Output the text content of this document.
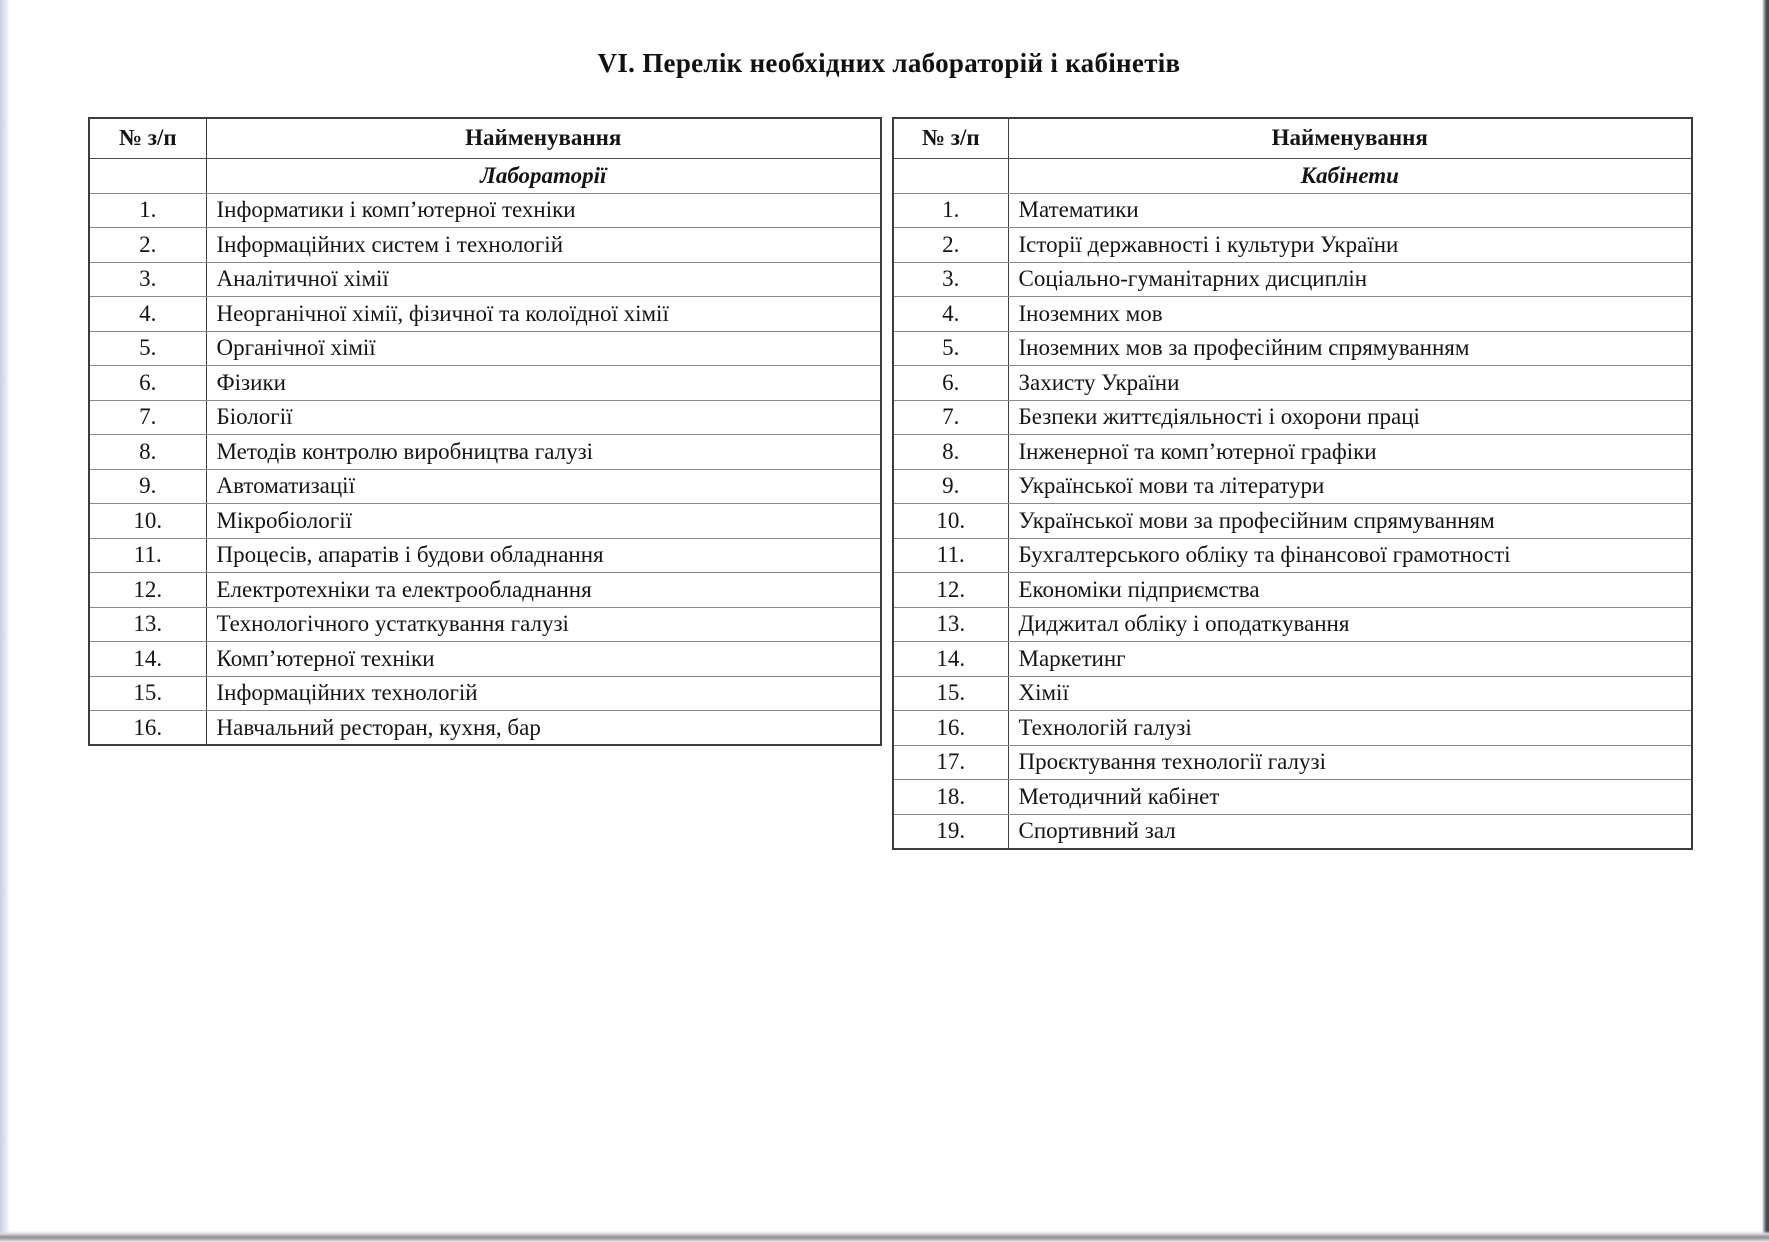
VI. Перелік необхідних лабораторій і кабінетів
№ з/п	Найменування
	Лабораторії
1.	Інформатики і комп’ютерної техніки
2.	Інформаційних систем і технологій
3.	Аналітичної хімії
4.	Неорганічної хімії, фізичної та колоїдної хімії
5.	Органічної хімії
6.	Фізики
7.	Біології
8.	Методів контролю виробництва галузі
9.	Автоматизації
10.	Мікробіології
11.	Процесів, апаратів і будови обладнання
12.	Електротехніки та електрообладнання
13.	Технологічного устаткування галузі
14.	Комп’ютерної техніки
15.	Інформаційних технологій
16.	Навчальний ресторан, кухня, бар
№ з/п	Найменування
	Кабінети
1.	Математики
2.	Історії державності і культури України
3.	Соціально-гуманітарних дисциплін
4.	Іноземних мов
5.	Іноземних мов за професійним спрямуванням
6.	Захисту України
7.	Безпеки життєдіяльності і охорони праці
8.	Інженерної та комп’ютерної графіки
9.	Української мови та літератури
10.	Української мови за професійним спрямуванням
11.	Бухгалтерського обліку та фінансової грамотності
12.	Економіки підприємства
13.	Диджитал обліку і оподаткування
14.	Маркетинг
15.	Хімії
16.	Технологій галузі
17.	Проєктування технології галузі
18.	Методичний кабінет
19.	Спортивний зал
